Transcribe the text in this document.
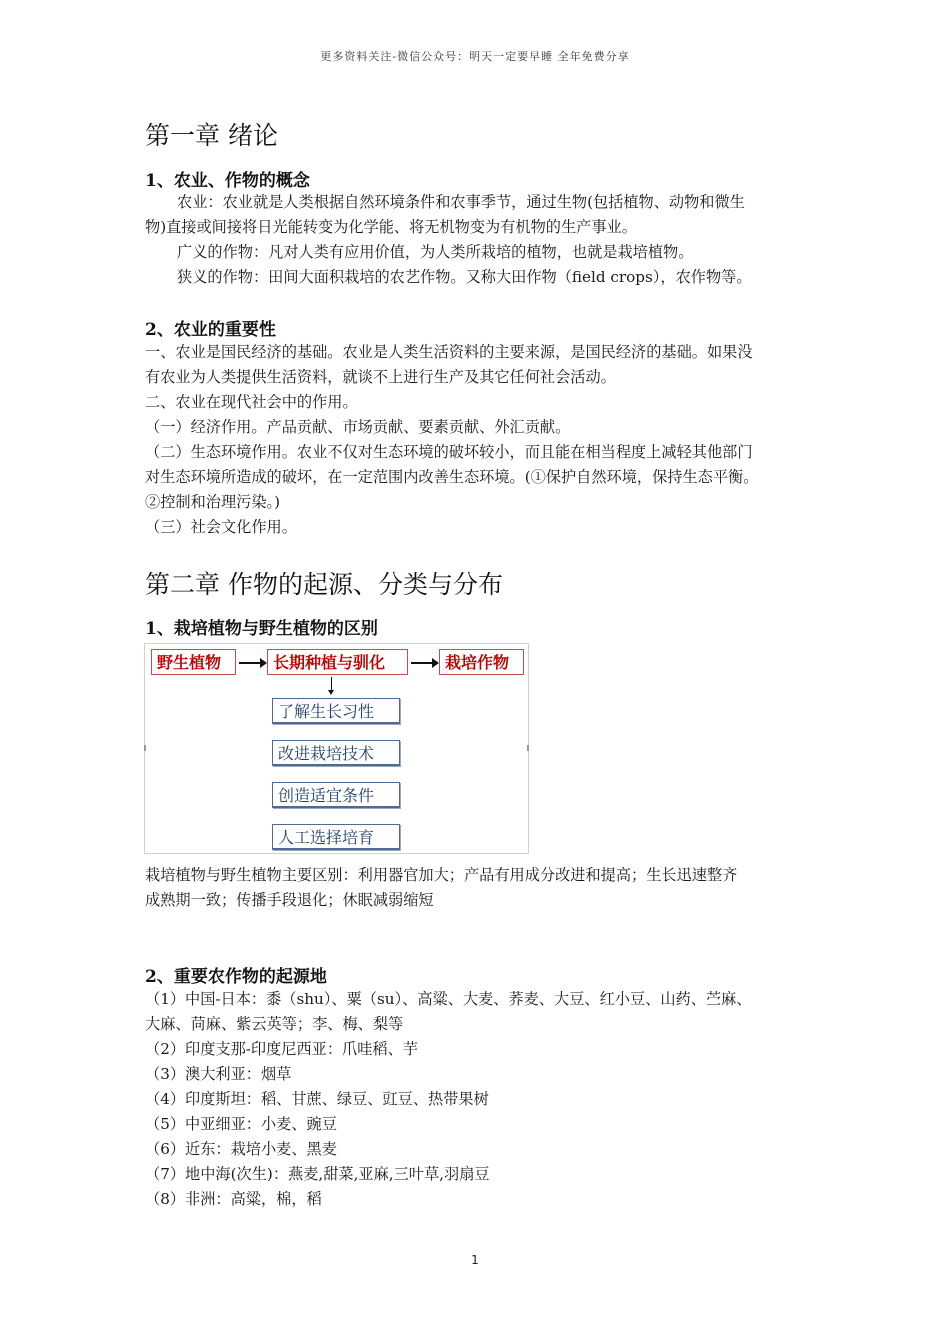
更多资料关注-微信公众号：明天一定要早睡 全年免费分享
第一章 绪论
1、农业、作物的概念

农业：农业就是人类根据自然环境条件和农事季节，通过生物(包括植物、动物和微生

物)直接或间接将日光能转变为化学能、将无机物变为有机物的生产事业。

广义的作物：凡对人类有应用价值，为人类所栽培的植物，也就是栽培植物。

狭义的作物：田间大面积栽培的农艺作物。又称大田作物（field crops），农作物等。

2、农业的重要性

一、农业是国民经济的基础。农业是人类生活资料的主要来源，是国民经济的基础。如果没

有农业为人类提供生活资料，就谈不上进行生产及其它任何社会活动。

二、农业在现代社会中的作用。

（一）经济作用。产品贡献、市场贡献、要素贡献、外汇贡献。

（二）生态环境作用。农业不仅对生态环境的破坏较小，而且能在相当程度上减轻其他部门

对生态环境所造成的破坏，在一定范围内改善生态环境。(①保护自然环境，保持生态平衡。

②控制和治理污染。)

（三）社会文化作用。

第二章 作物的起源、分类与分布
1、栽培植物与野生植物的区别
野生植物	长期种植与驯化	栽培作物
了解生长习性
改进栽培技术
创造适宜条件
人工选择培育

栽培植物与野生植物主要区别：利用器官加大；产品有用成分改进和提高；生长迅速整齐

成熟期一致；传播手段退化；休眠减弱缩短

2、重要农作物的起源地

（1）中国-日本：黍（shu）、粟（su）、高粱、大麦、荞麦、大豆、红小豆、山药、苎麻、

大麻、苘麻、紫云英等；李、梅、梨等

（2）印度支那-印度尼西亚：爪哇稻、芋

（3）澳大利亚：烟草

（4）印度斯坦：稻、甘蔗、绿豆、豇豆、热带果树

（5）中亚细亚：小麦、豌豆

（6）近东：栽培小麦、黑麦

（7）地中海(次生)：燕麦,甜菜,亚麻,三叶草,羽扇豆

（8）非洲：高粱，棉，稻

1
